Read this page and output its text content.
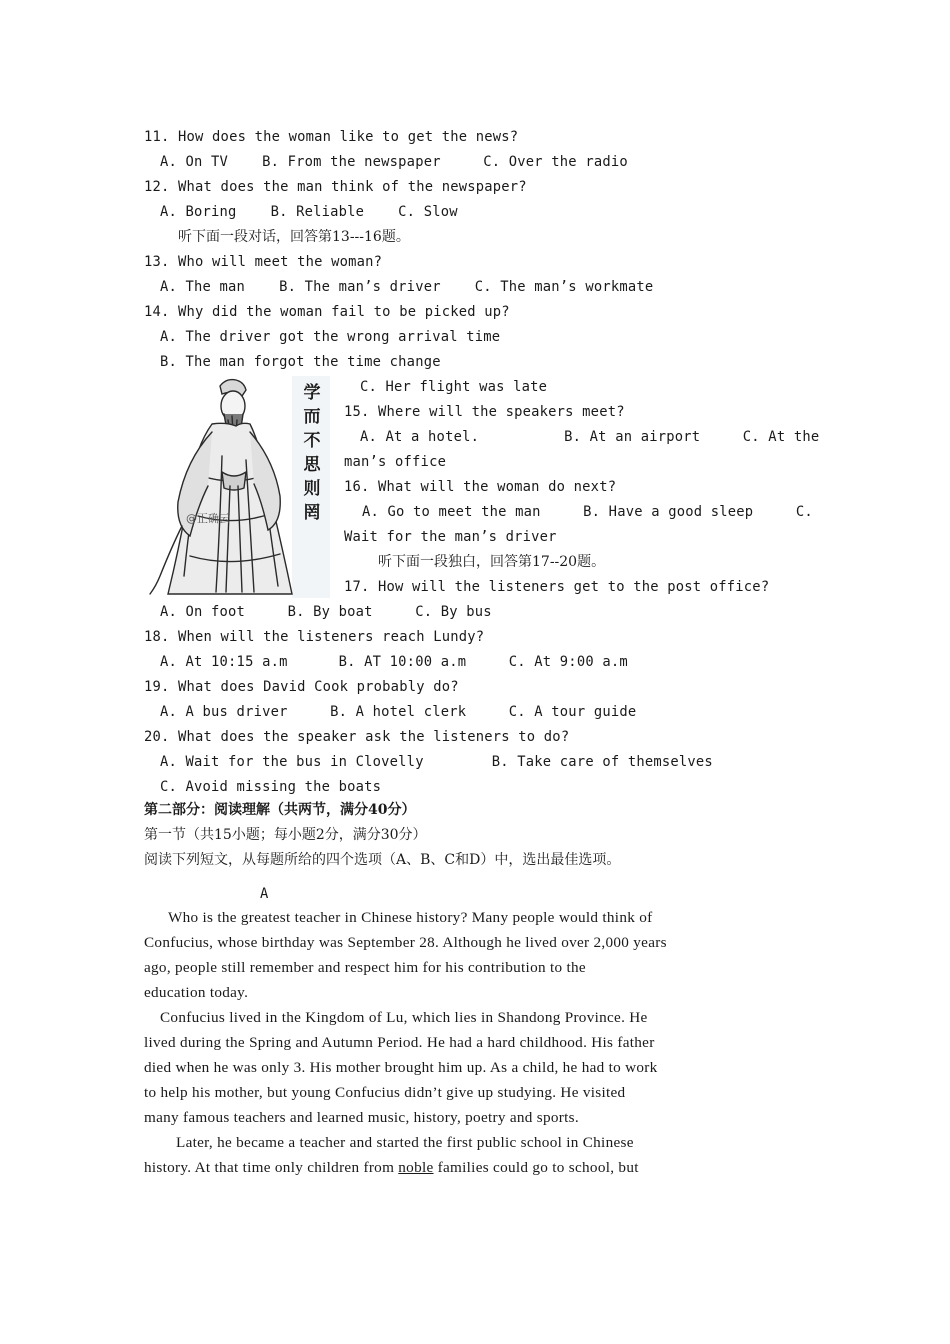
11. How does the woman like to get the news?
A. On TV    B. From the newspaper     C. Over the radio
12. What does the man think of the newspaper?
A. Boring    B. Reliable    C. Slow
听下面一段对话，回答第13---16题。
13. Who will meet the woman?
A. The man    B. The man’s driver    C. The man’s workmate
14. Why did the woman fail to be picked up?
A. The driver got the wrong arrival time
B. The man forgot the time change
学
而
不
思
则
罔
@正确云
C. Her flight was late
15. Where will the speakers meet?
A. At a hotel.          B. At an airport     C. At the
man’s office
16. What will the woman do next?
A. Go to meet the man     B. Have a good sleep     C.
Wait for the man’s driver
听下面一段独白，回答第17--20题。
17. How will the listeners get to the post office?
A. On foot     B. By boat     C. By bus
18. When will the listeners reach Lundy?
A. At 10:15 a.m      B. AT 10:00 a.m     C. At 9:00 a.m
19. What does David Cook probably do?
A. A bus driver     B. A hotel clerk     C. A tour guide
20. What does the speaker ask the listeners to do?
A. Wait for the bus in Clovelly        B. Take care of themselves
C. Avoid missing the boats
第二部分：阅读理解（共两节，满分40分）
第一节（共15小题；每小题2分，满分30分）
阅读下列短文，从每题所给的四个选项（A、B、C和D）中，选出最佳选项。
A
Who is the greatest teacher in Chinese history? Many people would think of
Confucius, whose birthday was September 28. Although he lived over 2,000 years
ago, people still remember and respect him for his contribution to the
education today.
Confucius lived in the Kingdom of Lu, which lies in Shandong Province. He
lived during the Spring and Autumn Period. He had a hard childhood. His father
died when he was only 3. His mother brought him up. As a child, he had to work
to help his mother, but young Confucius didn’t give up studying. He visited
many famous teachers and learned music, history, poetry and sports.
Later, he became a teacher and started the first public school in Chinese
history. At that time only children from noble families could go to school, but
